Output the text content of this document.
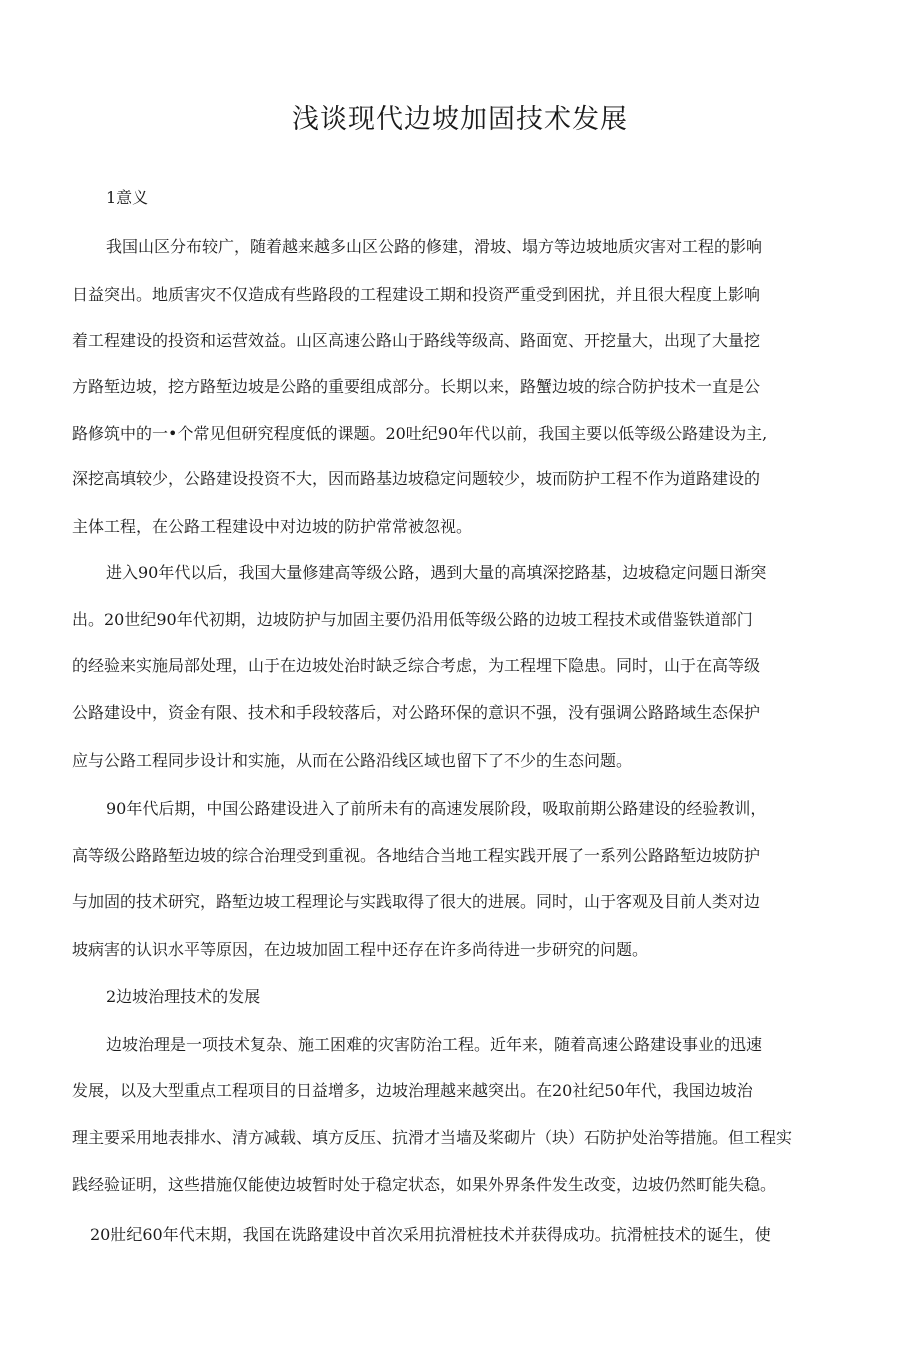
浅谈现代边坡加固技术发展

1意义

我国山区分布较广，随着越来越多山区公路的修建，滑坡、塌方等边坡地质灾害对工程的影响

日益突出。地质害灾不仅造成有些路段的工程建设工期和投资严重受到困扰，并且很大程度上影响

着工程建设的投资和运营效益。山区高速公路山于路线等级高、路面宽、开挖量大，出现了大量挖

方路堑边坡，挖方路堑边坡是公路的重要组成部分。长期以来，路蟹边坡的综合防护技术一直是公

路修筑中的一•个常见但研究程度低的课题。20吐纪90年代以前，我国主要以低等级公路建设为主,

深挖高填较少，公路建设投资不大，因而路基边坡稳定问题较少，坡而防护工程不作为道路建设的

主体工程，在公路工程建设中对边坡的防护常常被忽视。

进入90年代以后，我国大量修建高等级公路，遇到大量的高填深挖路基，边坡稳定问题日渐突

出。20世纪90年代初期，边坡防护与加固主要仍沿用低等级公路的边坡工程技术或借鉴铁道部门

的经验来实施局部处理，山于在边坡处治时缺乏综合考虑，为工程埋下隐患。同时，山于在高等级

公路建设中，资金有限、技术和手段较落后，对公路环保的意识不强，没有强调公路路域生态保护

应与公路工程同步设计和实施，从而在公路沿线区域也留下了不少的生态问题。

90年代后期，中国公路建设进入了前所未有的高速发展阶段，吸取前期公路建设的经验教训，

高等级公路路堑边坡的综合治理受到重视。各地结合当地工程实践开展了一系列公路路堑边坡防护

与加固的技术研究，路堑边坡工程理论与实践取得了很大的进展。同时，山于客观及目前人类对边

坡病害的认识水平等原因，在边坡加固工程中还存在许多尚待进一步研究的问题。

2边坡治理技术的发展

边坡治理是一项技术复杂、施工困难的灾害防治工程。近年来，随着高速公路建设事业的迅速

发展，以及大型重点工程项目的日益增多，边坡治理越来越突出。在20社纪50年代，我国边坡治

理主要采用地表排水、清方减载、填方反压、抗滑才当墙及桨砌片（块）石防护处治等措施。但工程实

践经验证明，这些措施仅能使边坡暂时处于稳定状态，如果外界条件发生改变，边坡仍然町能失稳。

20壯纪60年代末期，我国在诜路建设中首次采用抗滑桩技术并获得成功。抗滑桩技术的诞生，使
